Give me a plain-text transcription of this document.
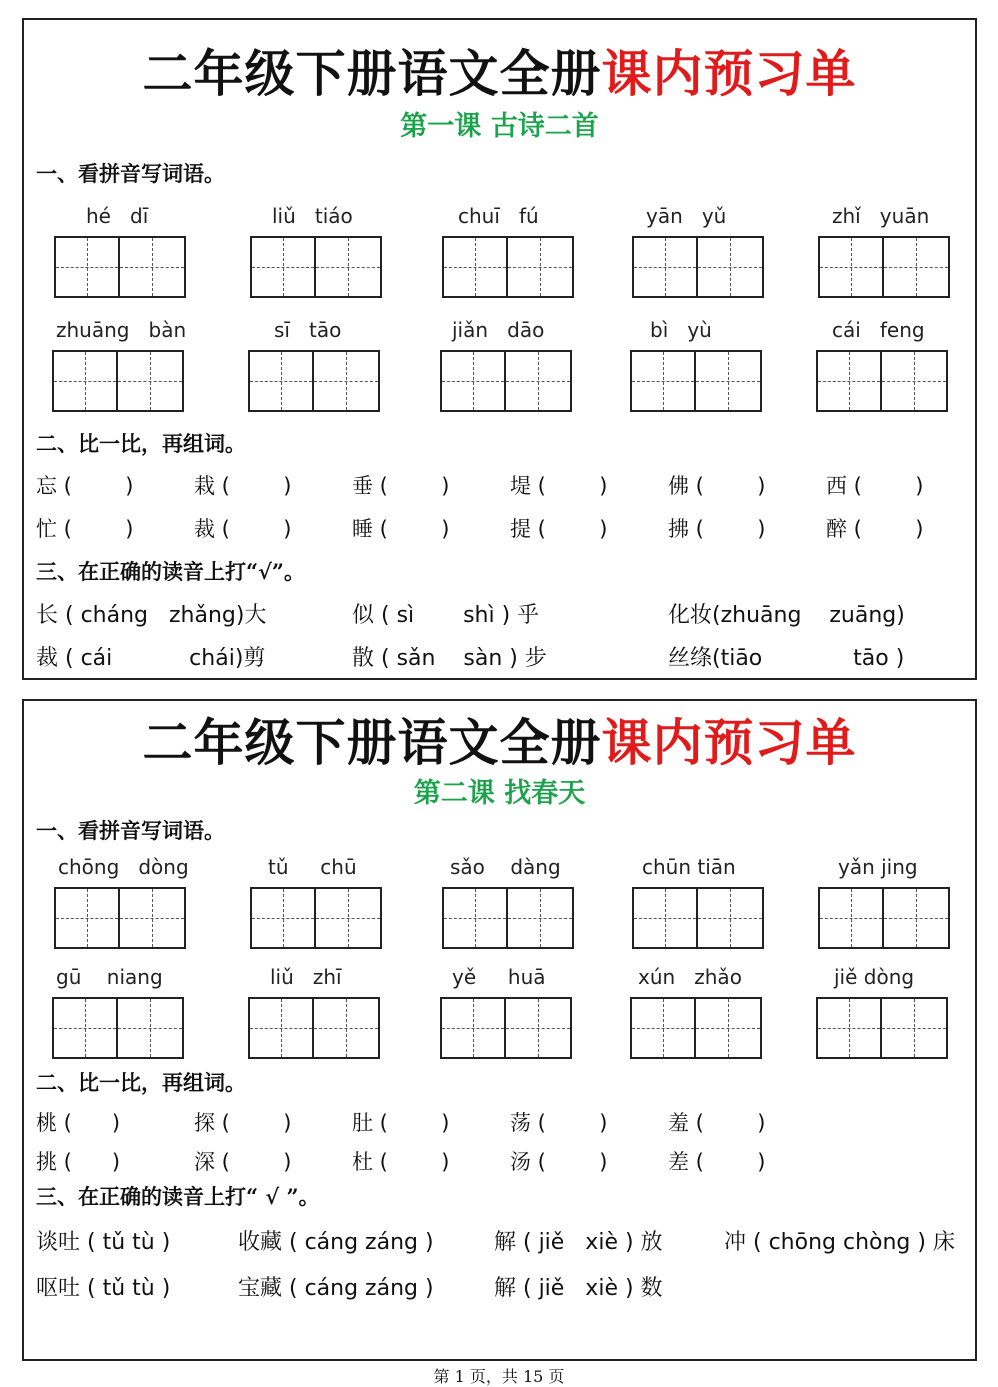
二年级下册语文全册课内预习单
第一课 古诗二首
一、看拼音写词语。
hé   dī	liǔ   tiáo	chuī   fú	yān   yǔ	zhǐ   yuān
zhuāng   bàn	sī   tāo	jiǎn   dāo	bì   yù	cái   feng
二、比一比，再组词。
忘 (        )	栽 (        )	垂 (        )	堤 (        )	佛 (        )	西 (        )
忙 (        )	裁 (        )	睡 (        )	提 (        )	拂 (        )	醉 (        )
三、在正确的读音上打“√”。
长 ( cháng   zhǎng)大	似 ( sì       shì ) 乎	化妆(zhuāng    zuāng)
裁 ( cái           chái)剪	散 ( sǎn    sàn ) 步	丝绦(tiāo             tāo )
二年级下册语文全册课内预习单
第二课 找春天
一、看拼音写词语。
chōng   dòng	tǔ     chū	sǎo    dàng	chūn tiān	yǎn jing
gū    niang	liǔ   zhī	yě     huā	xún   zhǎo	jiě dòng
二、比一比，再组词。
桃 (      )	探 (        )	肚 (        )	荡 (        )	羞 (        )
挑 (      )	深 (        )	杜 (        )	汤 (        )	差 (        )
三、在正确的读音上打“ √ ”。
谈吐 ( tǔ tù )	收藏 ( cáng záng )	解 ( jiě   xiè ) 放	冲 ( chōng chòng ) 床
呕吐 ( tǔ tù )	宝藏 ( cáng záng )	解 ( jiě   xiè ) 数
第 1 页，共 15 页
